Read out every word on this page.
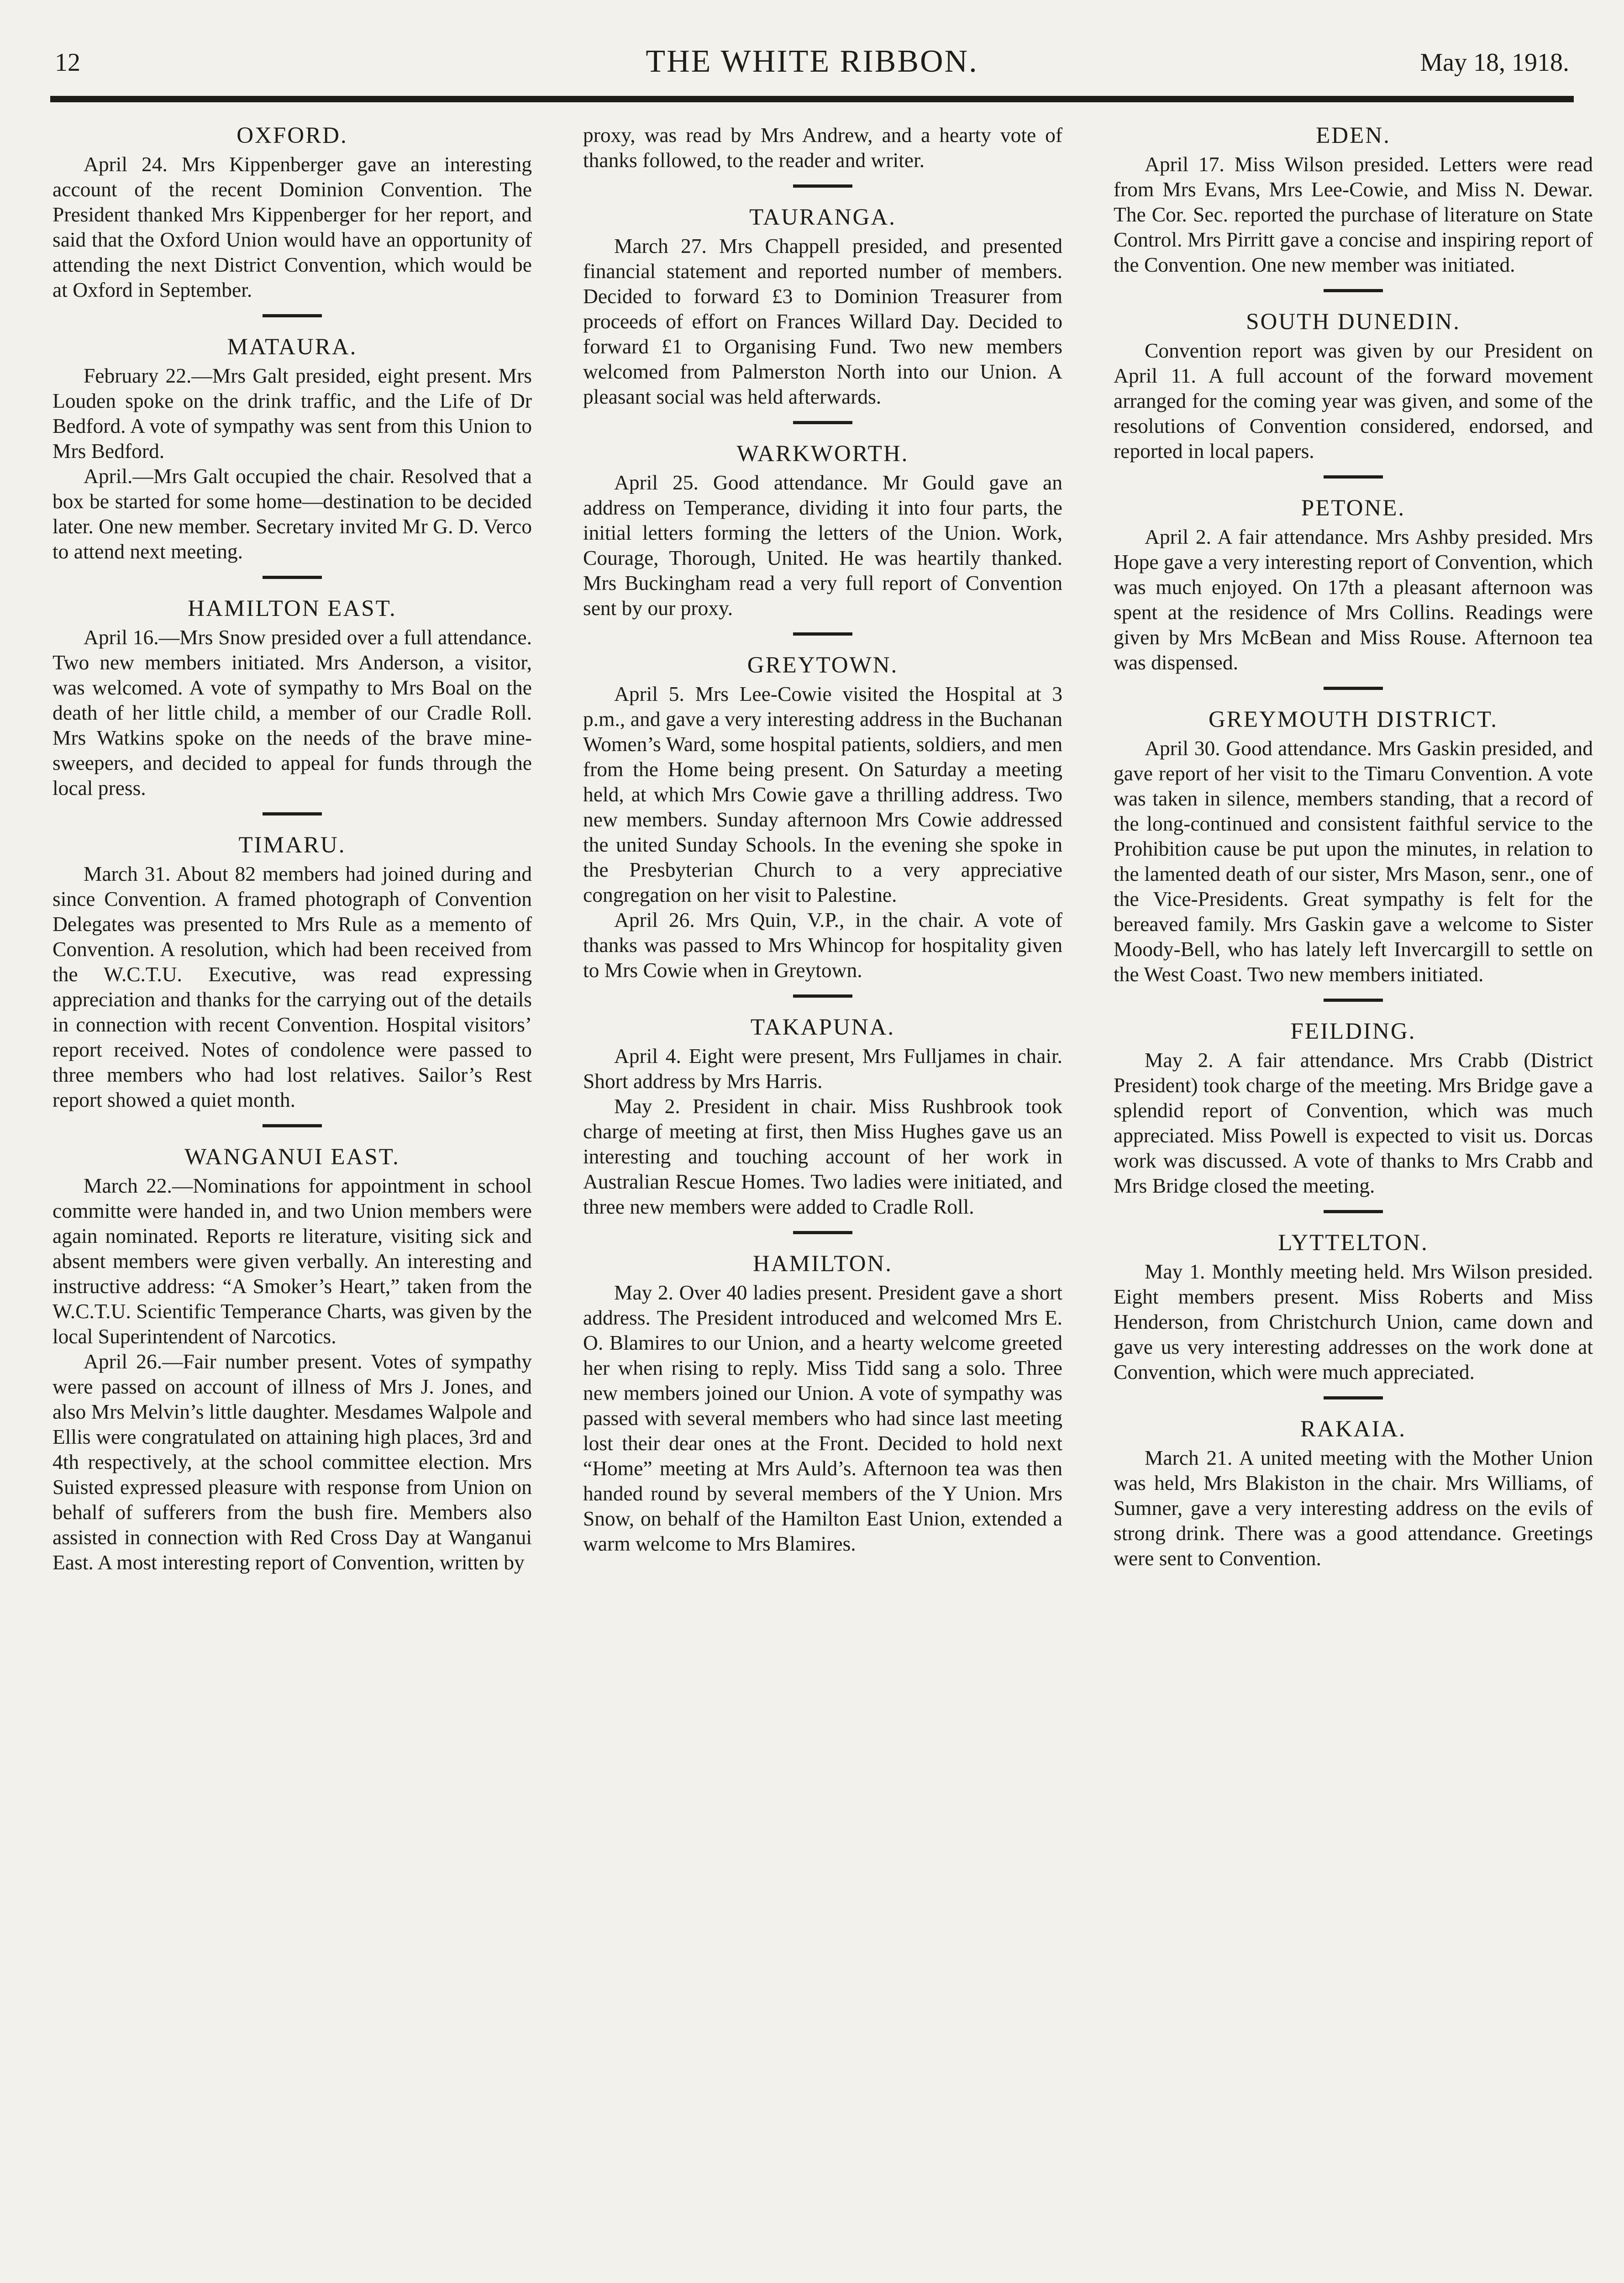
12	THE WHITE RIBBON.	May 18, 1918.
OXFORD.

April 24. Mrs Kippenberger gave an interesting account of the recent Dominion Convention. The President thanked Mrs Kippenberger for her report, and said that the Oxford Union would have an opportunity of attending the next District Convention, which would be at Oxford in September.

MATAURA.

February 22.—Mrs Galt presided, eight present. Mrs Louden spoke on the drink traffic, and the Life of Dr Bedford. A vote of sympathy was sent from this Union to Mrs Bedford.

April.—Mrs Galt occupied the chair. Resolved that a box be started for some home—destination to be decided later. One new member. Secretary invited Mr G. D. Verco to attend next meeting.

HAMILTON EAST.

April 16.—Mrs Snow presided over a full attendance. Two new members initiated. Mrs Anderson, a visitor, was welcomed. A vote of sympathy to Mrs Boal on the death of her little child, a member of our Cradle Roll. Mrs Watkins spoke on the needs of the brave mine-sweepers, and decided to appeal for funds through the local press.

TIMARU.

March 31. About 82 members had joined during and since Convention. A framed photograph of Convention Delegates was presented to Mrs Rule as a memento of Convention. A resolution, which had been received from the W.C.T.U. Executive, was read expressing appreciation and thanks for the carrying out of the details in connection with recent Convention. Hospital visitors’ report received. Notes of condolence were passed to three members who had lost relatives. Sailor’s Rest report showed a quiet month.

WANGANUI EAST.

March 22.—Nominations for appointment in school committe were handed in, and two Union members were again nominated. Reports re literature, visiting sick and absent members were given verbally. An interesting and instructive address: “A Smoker’s Heart,” taken from the W.C.T.U. Scientific Temperance Charts, was given by the local Superintendent of Narcotics.

April 26.—Fair number present. Votes of sympathy were passed on account of illness of Mrs J. Jones, and also Mrs Melvin’s little daughter. Mesdames Walpole and Ellis were congratulated on attaining high places, 3rd and 4th respectively, at the school committee election. Mrs Suisted expressed pleasure with response from Union on behalf of sufferers from the bush fire. Members also assisted in connection with Red Cross Day at Wanganui East. A most interesting report of Convention, written by

proxy, was read by Mrs Andrew, and a hearty vote of thanks followed, to the reader and writer.

TAURANGA.

March 27. Mrs Chappell presided, and presented financial statement and reported number of members. Decided to forward £3 to Dominion Treasurer from proceeds of effort on Frances Willard Day. Decided to forward £1 to Organising Fund. Two new members welcomed from Palmerston North into our Union. A pleasant social was held afterwards.

WARKWORTH.

April 25. Good attendance. Mr Gould gave an address on Temperance, dividing it into four parts, the initial letters forming the letters of the Union. Work, Courage, Thorough, United. He was heartily thanked. Mrs Buckingham read a very full report of Convention sent by our proxy.

GREYTOWN.

April 5. Mrs Lee-Cowie visited the Hospital at 3 p.m., and gave a very interesting address in the Buchanan Women’s Ward, some hospital patients, soldiers, and men from the Home being present. On Saturday a meeting held, at which Mrs Cowie gave a thrilling address. Two new members. Sunday afternoon Mrs Cowie addressed the united Sunday Schools. In the evening she spoke in the Presbyterian Church to a very appreciative congregation on her visit to Palestine.

April 26. Mrs Quin, V.P., in the chair. A vote of thanks was passed to Mrs Whincop for hospitality given to Mrs Cowie when in Greytown.

TAKAPUNA.

April 4. Eight were present, Mrs Fulljames in chair. Short address by Mrs Harris.

May 2. President in chair. Miss Rushbrook took charge of meeting at first, then Miss Hughes gave us an interesting and touching account of her work in Australian Rescue Homes. Two ladies were initiated, and three new members were added to Cradle Roll.

HAMILTON.

May 2. Over 40 ladies present. President gave a short address. The President introduced and welcomed Mrs E. O. Blamires to our Union, and a hearty welcome greeted her when rising to reply. Miss Tidd sang a solo. Three new members joined our Union. A vote of sympathy was passed with several members who had since last meeting lost their dear ones at the Front. Decided to hold next “Home” meeting at Mrs Auld’s. Afternoon tea was then handed round by several members of the Y Union. Mrs Snow, on behalf of the Hamilton East Union, extended a warm welcome to Mrs Blamires.

EDEN.

April 17. Miss Wilson presided. Letters were read from Mrs Evans, Mrs Lee-Cowie, and Miss N. Dewar. The Cor. Sec. reported the purchase of literature on State Control. Mrs Pirritt gave a concise and inspiring report of the Convention. One new member was initiated.

SOUTH DUNEDIN.

Convention report was given by our President on April 11. A full account of the forward movement arranged for the coming year was given, and some of the resolutions of Convention considered, endorsed, and reported in local papers.

PETONE.

April 2. A fair attendance. Mrs Ashby presided. Mrs Hope gave a very interesting report of Convention, which was much enjoyed. On 17th a pleasant afternoon was spent at the residence of Mrs Collins. Readings were given by Mrs McBean and Miss Rouse. Afternoon tea was dispensed.

GREYMOUTH DISTRICT.

April 30. Good attendance. Mrs Gaskin presided, and gave report of her visit to the Timaru Convention. A vote was taken in silence, members standing, that a record of the long-continued and consistent faithful service to the Prohibition cause be put upon the minutes, in relation to the lamented death of our sister, Mrs Mason, senr., one of the Vice-Presidents. Great sympathy is felt for the bereaved family. Mrs Gaskin gave a welcome to Sister Moody-Bell, who has lately left Invercargill to settle on the West Coast. Two new members initiated.

FEILDING.

May 2. A fair attendance. Mrs Crabb (District President) took charge of the meeting. Mrs Bridge gave a splendid report of Convention, which was much appreciated. Miss Powell is expected to visit us. Dorcas work was discussed. A vote of thanks to Mrs Crabb and Mrs Bridge closed the meeting.

LYTTELTON.

May 1. Monthly meeting held. Mrs Wilson presided. Eight members present. Miss Roberts and Miss Henderson, from Christchurch Union, came down and gave us very interesting addresses on the work done at Convention, which were much appreciated.

RAKAIA.

March 21. A united meeting with the Mother Union was held, Mrs Blakiston in the chair. Mrs Williams, of Sumner, gave a very interesting address on the evils of strong drink. There was a good attendance. Greetings were sent to Convention.
